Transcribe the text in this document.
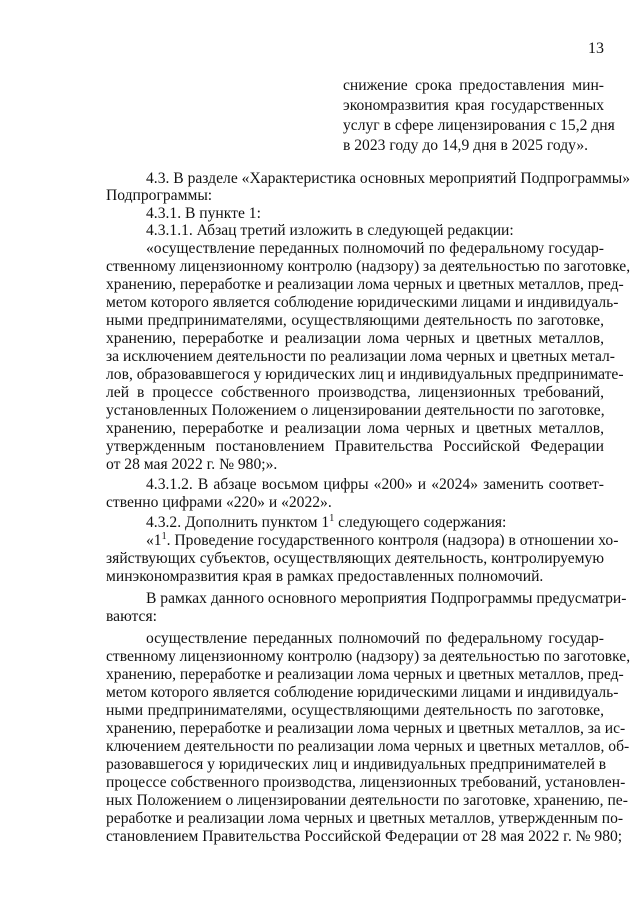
13
снижение срока предоставления мин-
экономразвития края государственных
услуг в сфере лицензирования с 15,2 дня
в 2023 году до 14,9 дня в 2025 году».
4.3. В разделе «Характеристика основных мероприятий Подпрограммы»
Подпрограммы:
4.3.1. В пункте 1:
4.3.1.1. Абзац третий изложить в следующей редакции:
«осуществление переданных полномочий по федеральному государ-
ственному лицензионному контролю (надзору) за деятельностью по заготовке,
хранению, переработке и реализации лома черных и цветных металлов, пред-
метом которого является соблюдение юридическими лицами и индивидуаль-
ными предпринимателями, осуществляющими деятельность по заготовке,
хранению, переработке и реализации лома черных и цветных металлов,
за исключением деятельности по реализации лома черных и цветных метал-
лов, образовавшегося у юридических лиц и индивидуальных предпринимате-
лей в процессе собственного производства, лицензионных требований,
установленных Положением о лицензировании деятельности по заготовке,
хранению, переработке и реализации лома черных и цветных металлов,
утвержденным постановлением Правительства Российской Федерации
от 28 мая 2022 г. № 980;».
4.3.1.2. В абзаце восьмом цифры «200» и «2024» заменить соответ-
ственно цифрами «220» и «2022».
4.3.2. Дополнить пунктом $1^1$ следующего содержания:
«$1^1$. Проведение государственного контроля (надзора) в отношении хо-
зяйствующих субъектов, осуществляющих деятельность, контролируемую
минэкономразвития края в рамках предоставленных полномочий.
В рамках данного основного мероприятия Подпрограммы предусматри-
ваются:
осуществление переданных полномочий по федеральному государ-
ственному лицензионному контролю (надзору) за деятельностью по заготовке,
хранению, переработке и реализации лома черных и цветных металлов, пред-
метом которого является соблюдение юридическими лицами и индивидуаль-
ными предпринимателями, осуществляющими деятельность по заготовке,
хранению, переработке и реализации лома черных и цветных металлов, за ис-
ключением деятельности по реализации лома черных и цветных металлов, об-
разовавшегося у юридических лиц и индивидуальных предпринимателей в
процессе собственного производства, лицензионных требований, установлен-
ных Положением о лицензировании деятельности по заготовке, хранению, пе-
реработке и реализации лома черных и цветных металлов, утвержденным по-
становлением Правительства Российской Федерации от 28 мая 2022 г. № 980;
